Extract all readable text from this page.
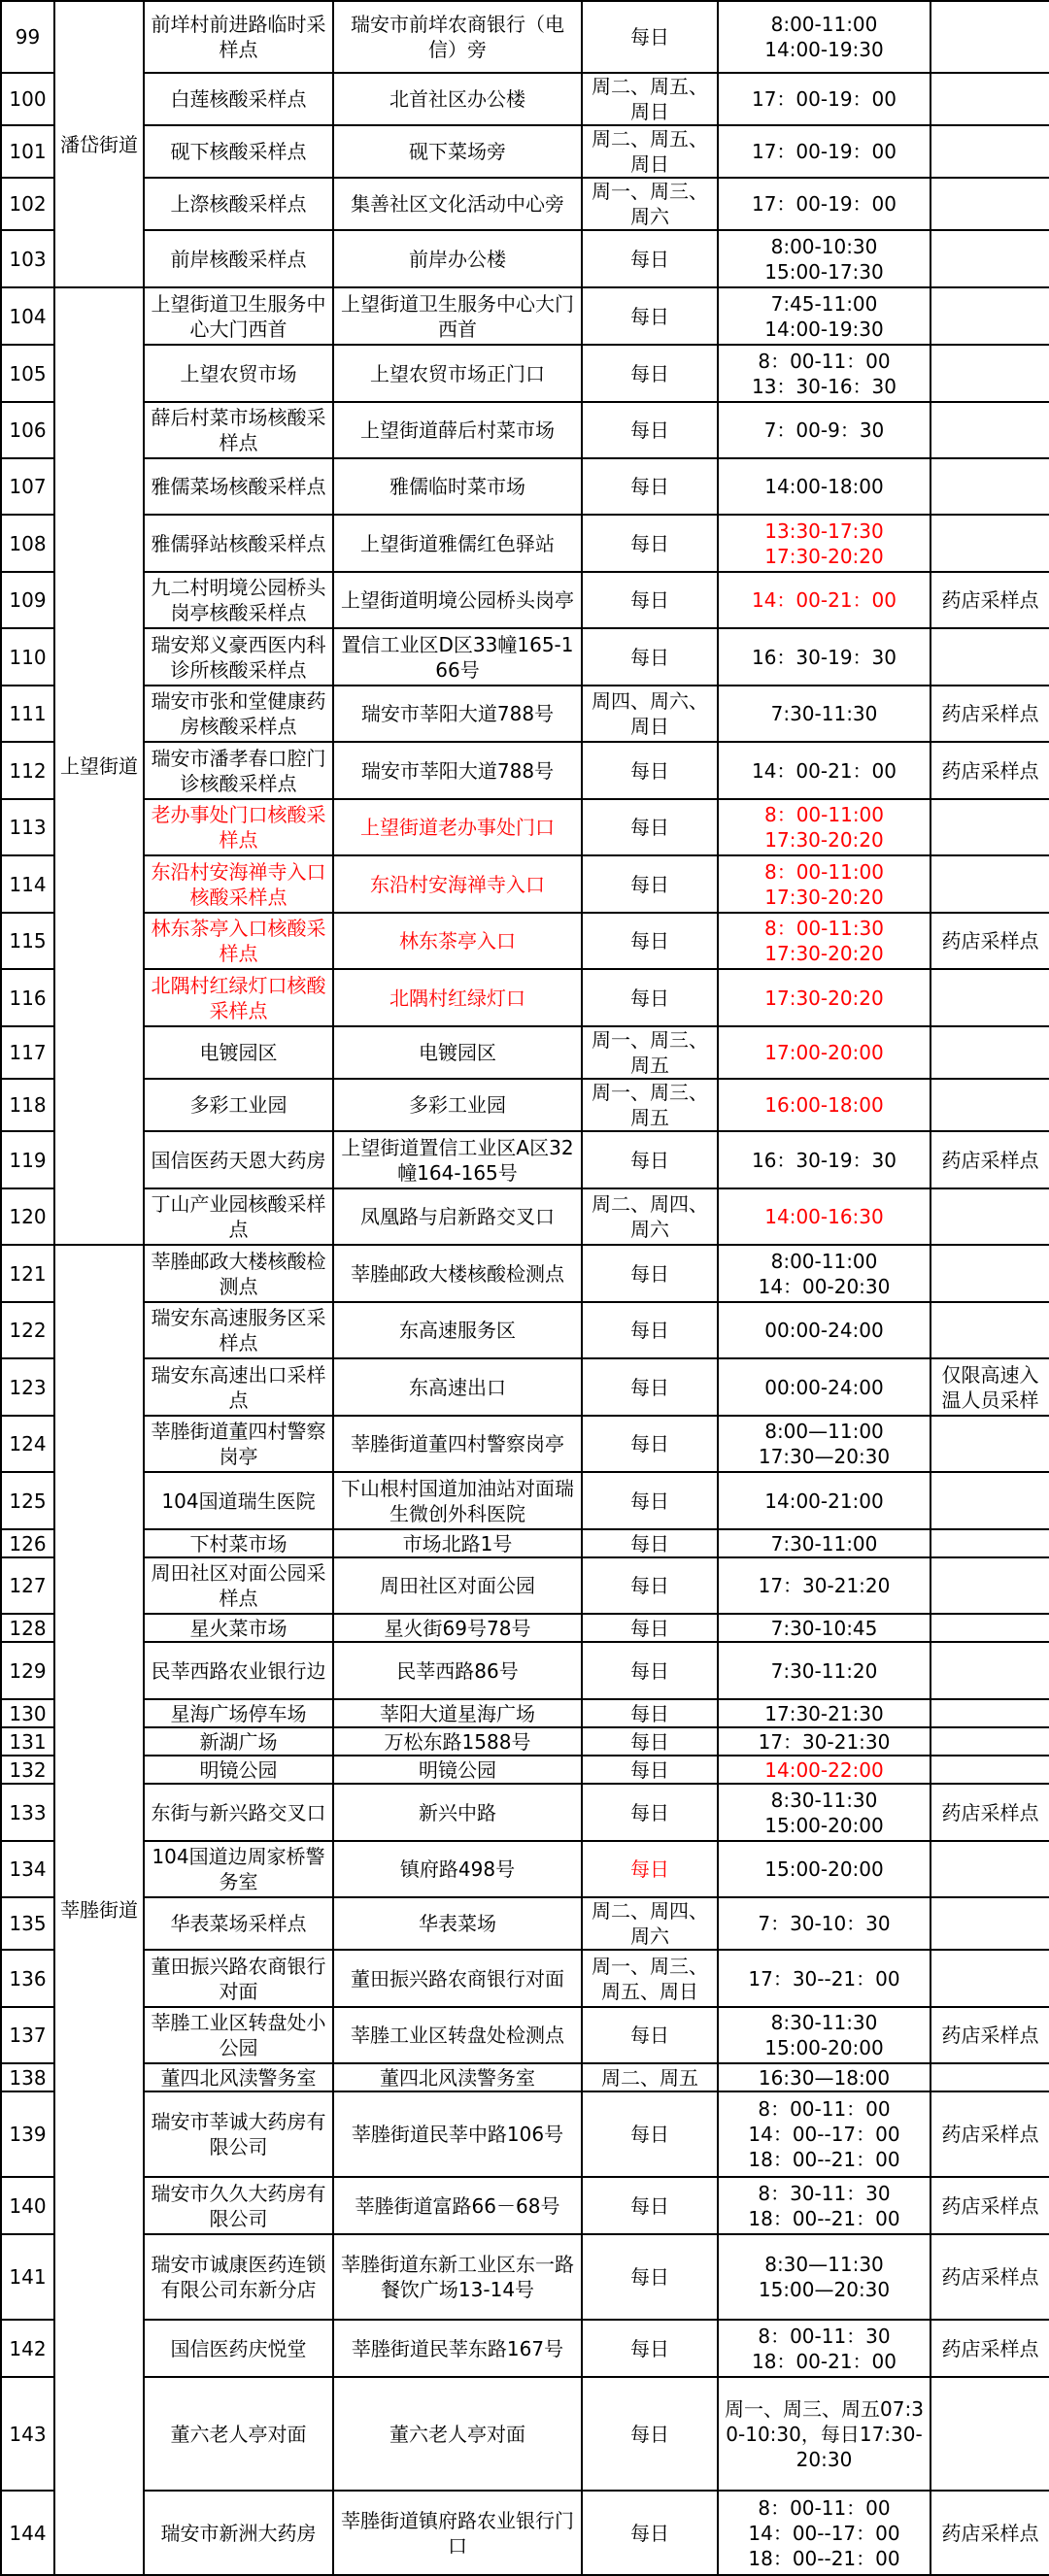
99	潘岱街道	前垟村前进路临时采样点	瑞安市前垟农商银行（电信）旁	每日	8:00-11:00
14:00-19:30	
100		白莲核酸采样点	北首社区办公楼	周二、周五、周日	17：00-19：00	
101		砚下核酸采样点	砚下菜场旁	周二、周五、周日	17：00-19：00	
102		上漈核酸采样点	集善社区文化活动中心旁	周一、周三、周六	17：00-19：00	
103		前岸核酸采样点	前岸办公楼	每日	8:00-10:30
15:00-17:30	
104	上望街道	上望街道卫生服务中心大门西首	上望街道卫生服务中心大门西首	每日	7:45-11:00
14:00-19:30	
105		上望农贸市场	上望农贸市场正门口	每日	8：00-11：00
13：30-16：30	
106		薛后村菜市场核酸采样点	上望街道薛后村菜市场	每日	7：00-9：30	
107		雅儒菜场核酸采样点	雅儒临时菜市场	每日	14:00-18:00	
108		雅儒驿站核酸采样点	上望街道雅儒红色驿站	每日	13:30-17:30
17:30-20:20	
109		九二村明境公园桥头岗亭核酸采样点	上望街道明境公园桥头岗亭	每日	14：00-21：00	药店采样点
110		瑞安郑义豪西医内科诊所核酸采样点	置信工业区D区33幢165-166号	每日	16：30-19：30	
111		瑞安市张和堂健康药房核酸采样点	瑞安市莘阳大道788号	周四、周六、周日	7:30-11:30	药店采样点
112		瑞安市潘孝春口腔门诊核酸采样点	瑞安市莘阳大道788号	每日	14：00-21：00	药店采样点
113		老办事处门口核酸采样点	上望街道老办事处门口	每日	8：00-11:00
17:30-20:20	
114		东沿村安海禅寺入口核酸采样点	东沿村安海禅寺入口	每日	8：00-11:00
17:30-20:20	
115		林东茶亭入口核酸采样点	林东茶亭入口	每日	8：00-11:30
17:30-20:20	药店采样点
116		北隅村红绿灯口核酸采样点	北隅村红绿灯口	每日	17:30-20:20	
117		电镀园区	电镀园区	周一、周三、周五	17:00-20:00	
118		多彩工业园	多彩工业园	周一、周三、周五	16:00-18:00	
119		国信医药天恩大药房	上望街道置信工业区A区32幢164-165号	每日	16：30-19：30	药店采样点
120		丁山产业园核酸采样点	凤凰路与启新路交叉口	周二、周四、周六	14:00-16:30	
121	莘塍街道	莘塍邮政大楼核酸检测点	莘塍邮政大楼核酸检测点	每日	8:00-11:00
14：00-20:30	
122		瑞安东高速服务区采样点	东高速服务区	每日	00:00-24:00	
123		瑞安东高速出口采样点	东高速出口	每日	00:00-24:00	仅限高速入温人员采样
124		莘塍街道董四村警察岗亭	莘塍街道董四村警察岗亭	每日	8:00—11:00
17:30—20:30	
125		104国道瑞生医院	下山根村国道加油站对面瑞生微创外科医院	每日	14:00-21:00	
126		下村菜市场	市场北路1号	每日	7:30-11:00	
127		周田社区对面公园采样点	周田社区对面公园	每日	17：30-21:20	
128		星火菜市场	星火街69号78号	每日	7:30-10:45	
129		民莘西路农业银行边	民莘西路86号	每日	7:30-11:20	
130		星海广场停车场	莘阳大道星海广场	每日	17:30-21:30	
131		新湖广场	万松东路1588号	每日	17：30-21:30	
132		明镜公园	明镜公园	每日	14:00-22:00	
133		东街与新兴路交叉口	新兴中路	每日	8:30-11:30
15:00-20:00	药店采样点
134		104国道边周家桥警务室	镇府路498号	每日	15:00-20:00	
135		华表菜场采样点	华表菜场	周二、周四、周六	7：30-10：30	
136		董田振兴路农商银行对面	董田振兴路农商银行对面	周一、周三、周五、周日	17：30--21：00	
137		莘塍工业区转盘处小公园	莘塍工业区转盘处检测点	每日	8:30-11:30
15:00-20:00	药店采样点
138		董四北风渎警务室	董四北风渎警务室	周二、周五	16:30—18:00	
139		瑞安市莘诚大药房有限公司	莘塍街道民莘中路106号	每日	8：00-11：00
14：00--17：00
18：00--21：00	药店采样点
140		瑞安市久久大药房有限公司	莘塍街道富路66－68号	每日	8：30-11：30
18：00--21：00	药店采样点
141		瑞安市诚康医药连锁有限公司东新分店	莘塍街道东新工业区东一路餐饮广场13-14号	每日	8:30—11:30
15:00—20:30	药店采样点
142		国信医药庆悦堂	莘塍街道民莘东路167号	每日	8：00-11：30
18：00-21：00	药店采样点
143		董六老人亭对面	董六老人亭对面	每日	周一、周三、周五07:30-10:30，每日17:30-20:30	
144		瑞安市新洲大药房	莘塍街道镇府路农业银行门口	每日	8：00-11：00
14：00--17：00
18：00--21：00	药店采样点
